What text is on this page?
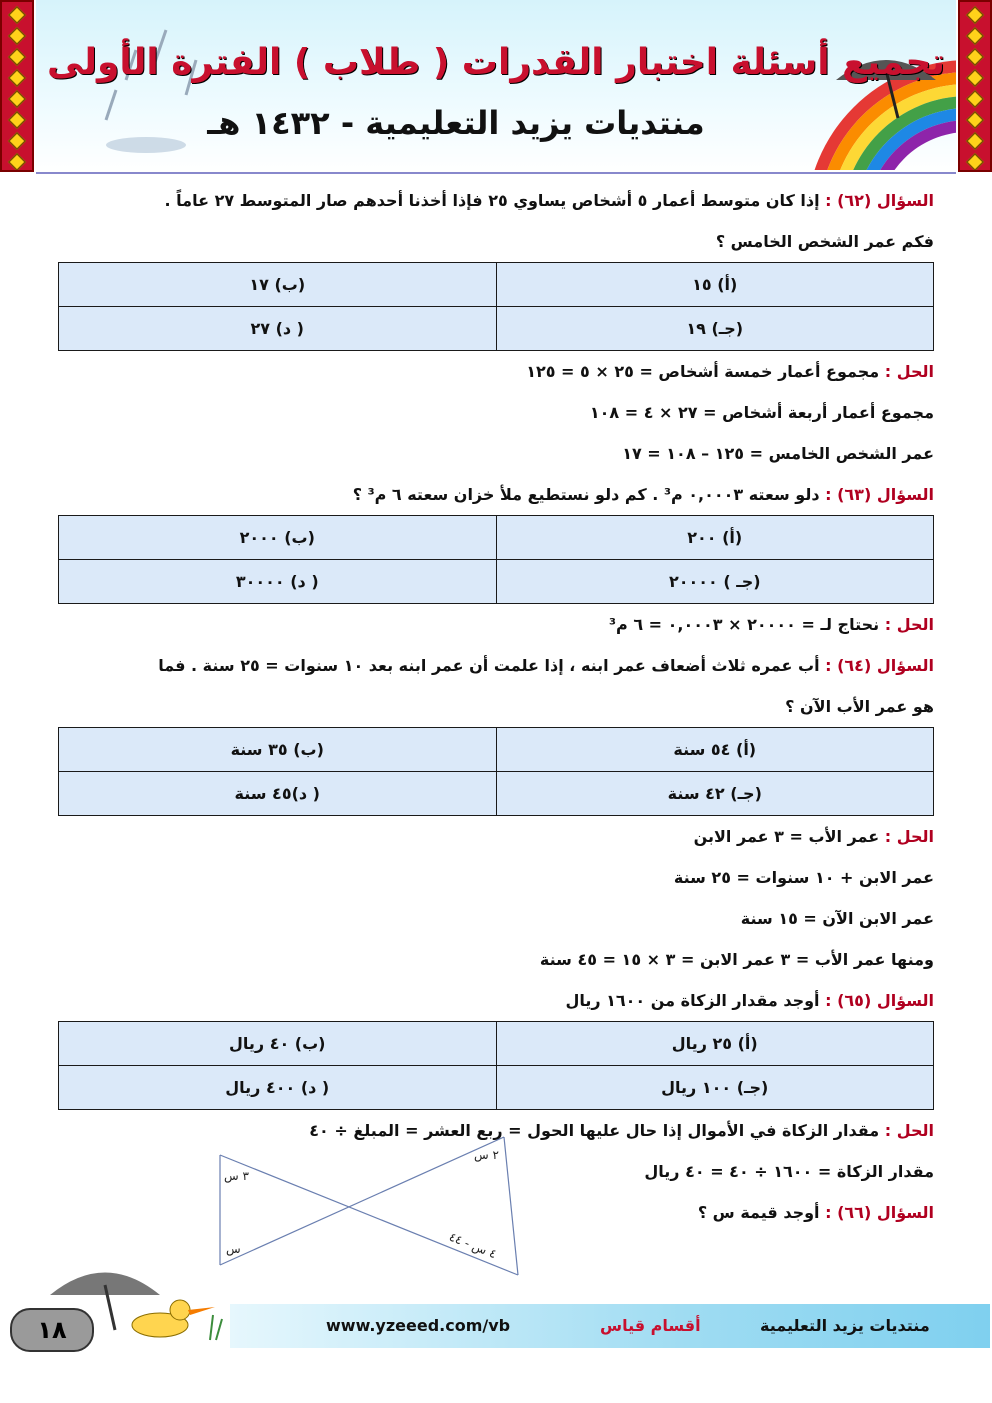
تجميع أسئلة اختبار القدرات ( طلاب ) الفترة الأولى
منتديات يزيد التعليمية - ١٤٣٢ هـ
السؤال (٦٢) : إذا كان متوسط أعمار ٥ أشخاص يساوي ٢٥ فإذا أخذنا أحدهم صار المتوسط ٢٧ عاماً .
فكم عمر الشخص الخامس ؟
(أ) ١٥	(ب) ١٧
(جـ) ١٩	( د) ٢٧
الحل : مجموع أعمار خمسة أشخاص = ٢٥ × ٥ = ١٢٥
مجموع أعمار أربعة أشخاص = ٢٧ × ٤ = ١٠٨
عمر الشخص الخامس = ١٢٥ – ١٠٨ = ١٧
السؤال (٦٣) : دلو سعته ٠,٠٠٠٣ م³ . كم دلو نستطيع ملأ خزان سعته ٦ م³ ؟
(أ) ٢٠٠	(ب) ٢٠٠٠
(جـ ) ٢٠٠٠٠	( د) ٣٠٠٠٠
الحل : نحتاج لـ = ٢٠٠٠٠ × ٠,٠٠٠٣ = ٦ م³
السؤال (٦٤) : أب عمره ثلاث أضعاف عمر ابنه ، إذا علمت أن عمر ابنه بعد ١٠ سنوات = ٢٥ سنة . فما
هو عمر الأب الآن ؟
(أ) ٥٤ سنة	(ب) ٣٥ سنة
(جـ) ٤٢ سنة	( د)٤٥ سنة
الحل : عمر الأب = ٣ عمر الابن
عمر الابن + ١٠ سنوات = ٢٥ سنة
عمر الابن الآن = ١٥ سنة
ومنها عمر الأب = ٣ عمر الابن = ٣ × ١٥ = ٤٥ سنة
السؤال (٦٥) : أوجد مقدار الزكاة من ١٦٠٠ ريال
(أ) ٢٥ ريال	(ب) ٤٠ ريال
(جـ) ١٠٠ ريال	( د) ٤٠٠ ريال
الحل : مقدار الزكاة في الأموال إذا حال عليها الحول = ربع العشر = المبلغ ÷ ٤٠
مقدار الزكاة = ١٦٠٠ ÷ ٤٠ = ٤٠ ريال
السؤال (٦٦) : أوجد قيمة س ؟
٣ س
س
٢ س
٤ س - ٤٤
www.yzeeed.com/vb	أقسام قياس	منتديات يزيد التعليمية
١٨
